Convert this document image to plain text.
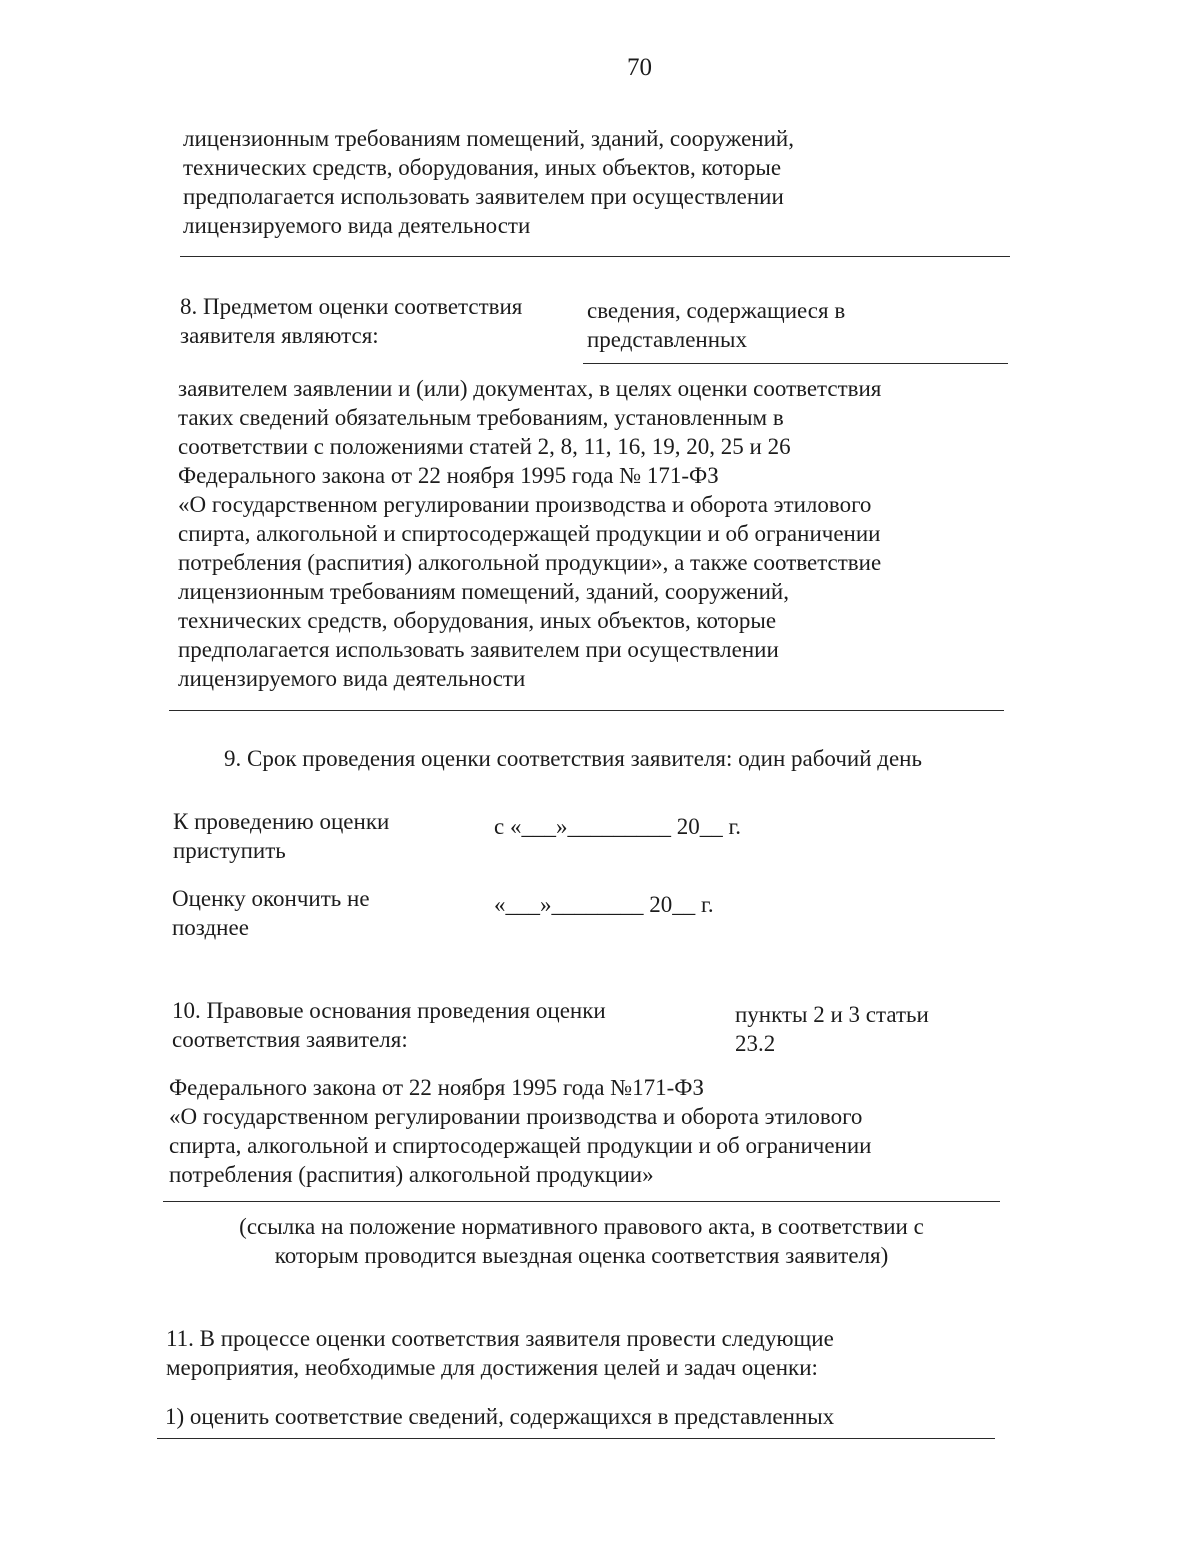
70
лицензионным требованиям помещений, зданий, сооружений,
технических средств, оборудования, иных объектов, которые
предполагается использовать заявителем при осуществлении
лицензируемого вида деятельности
8. Предметом оценки соответствия
заявителя являются:
сведения, содержащиеся в
представленных
заявителем заявлении и (или) документах, в целях оценки соответствия
таких сведений обязательным требованиям, установленным в
соответствии с положениями статей 2, 8, 11, 16, 19, 20, 25 и 26
Федерального закона от 22 ноября 1995 года № 171-ФЗ
«О государственном регулировании производства и оборота этилового
спирта, алкогольной и спиртосодержащей продукции и об ограничении
потребления (распития) алкогольной продукции», а также соответствие
лицензионным требованиям помещений, зданий, сооружений,
технических средств, оборудования, иных объектов, которые
предполагается использовать заявителем при осуществлении
лицензируемого вида деятельности
9. Срок проведения оценки соответствия заявителя: один рабочий день
К проведению оценки
приступить
с «___»_________ 20__ г.
Оценку окончить не
позднее
«___»________ 20__ г.
10. Правовые основания проведения оценки
соответствия заявителя:
пункты 2 и 3 статьи
23.2
Федерального закона от 22 ноября 1995 года №171-ФЗ
«О государственном регулировании производства и оборота этилового
спирта, алкогольной и спиртосодержащей продукции и об ограничении
потребления (распития) алкогольной продукции»
(ссылка на положение нормативного правового акта, в соответствии с
которым проводится выездная оценка соответствия заявителя)
11. В процессе оценки соответствия заявителя провести следующие
мероприятия, необходимые для достижения целей и задач оценки:
1) оценить соответствие сведений, содержащихся в представленных
